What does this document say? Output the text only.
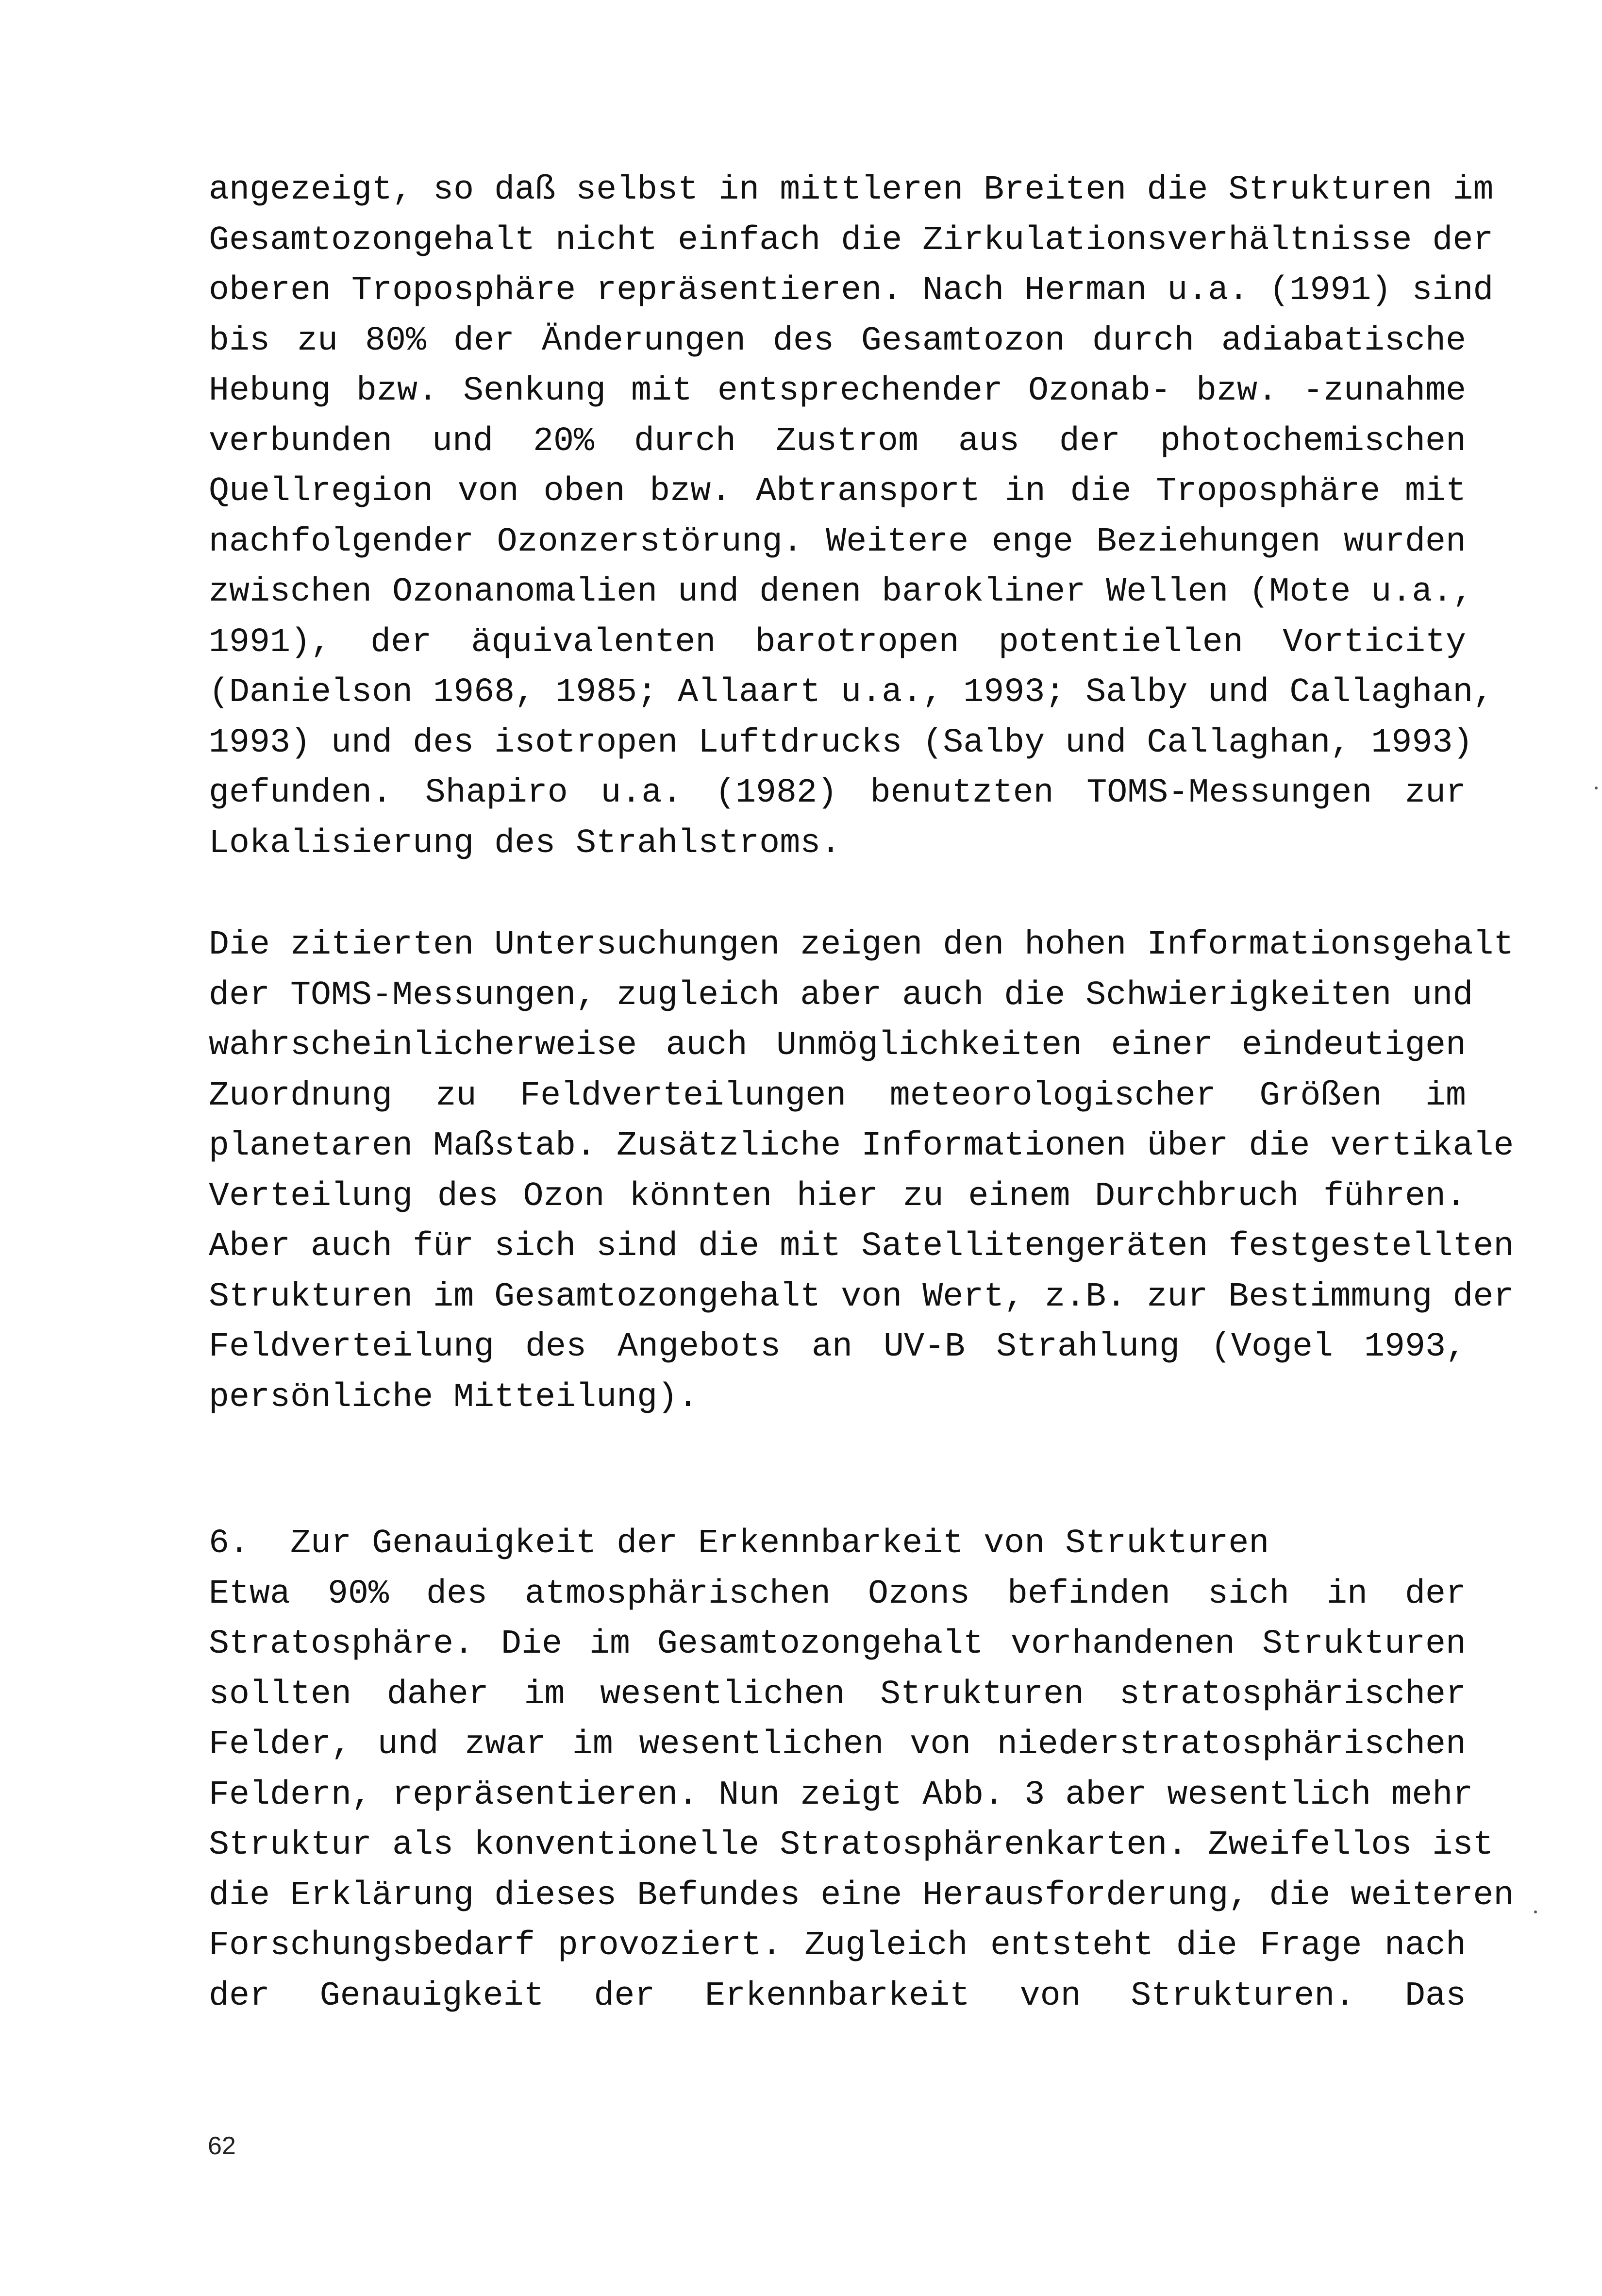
angezeigt, so daß selbst in mittleren Breiten die Strukturen im
Gesamtozongehalt nicht einfach die Zirkulationsverhältnisse der
oberen Troposphäre repräsentieren. Nach Herman u.a. (1991) sind
bis zu 80% der Änderungen des Gesamtozon durch adiabatische
Hebung bzw. Senkung mit entsprechender Ozonab- bzw. -zunahme
verbunden und 20% durch Zustrom aus der photochemischen
Quellregion von oben bzw. Abtransport in die Troposphäre mit
nachfolgender Ozonzerstörung. Weitere enge Beziehungen wurden
zwischen Ozonanomalien und denen barokliner Wellen (Mote u.a.,
1991), der äquivalenten barotropen potentiellen Vorticity
(Danielson 1968, 1985; Allaart u.a., 1993; Salby und Callaghan,
1993) und des isotropen Luftdrucks (Salby und Callaghan, 1993)
gefunden. Shapiro u.a. (1982) benutzten TOMS-Messungen zur
Lokalisierung des Strahlstroms.
Die zitierten Untersuchungen zeigen den hohen Informationsgehalt
der TOMS-Messungen, zugleich aber auch die Schwierigkeiten und
wahrscheinlicherweise auch Unmöglichkeiten einer eindeutigen
Zuordnung zu Feldverteilungen meteorologischer Größen im
planetaren Maßstab. Zusätzliche Informationen über die vertikale
Verteilung des Ozon könnten hier zu einem Durchbruch führen.
Aber auch für sich sind die mit Satellitengeräten festgestellten
Strukturen im Gesamtozongehalt von Wert, z.B. zur Bestimmung der
Feldverteilung des Angebots an UV-B Strahlung (Vogel 1993,
persönliche Mitteilung).
6. Zur Genauigkeit der Erkennbarkeit von Strukturen
Etwa 90% des atmosphärischen Ozons befinden sich in der
Stratosphäre. Die im Gesamtozongehalt vorhandenen Strukturen
sollten daher im wesentlichen Strukturen stratosphärischer
Felder, und zwar im wesentlichen von niederstratosphärischen
Feldern, repräsentieren. Nun zeigt Abb. 3 aber wesentlich mehr
Struktur als konventionelle Stratosphärenkarten. Zweifellos ist
die Erklärung dieses Befundes eine Herausforderung, die weiteren
Forschungsbedarf provoziert. Zugleich entsteht die Frage nach
der Genauigkeit der Erkennbarkeit von Strukturen. Das
62
